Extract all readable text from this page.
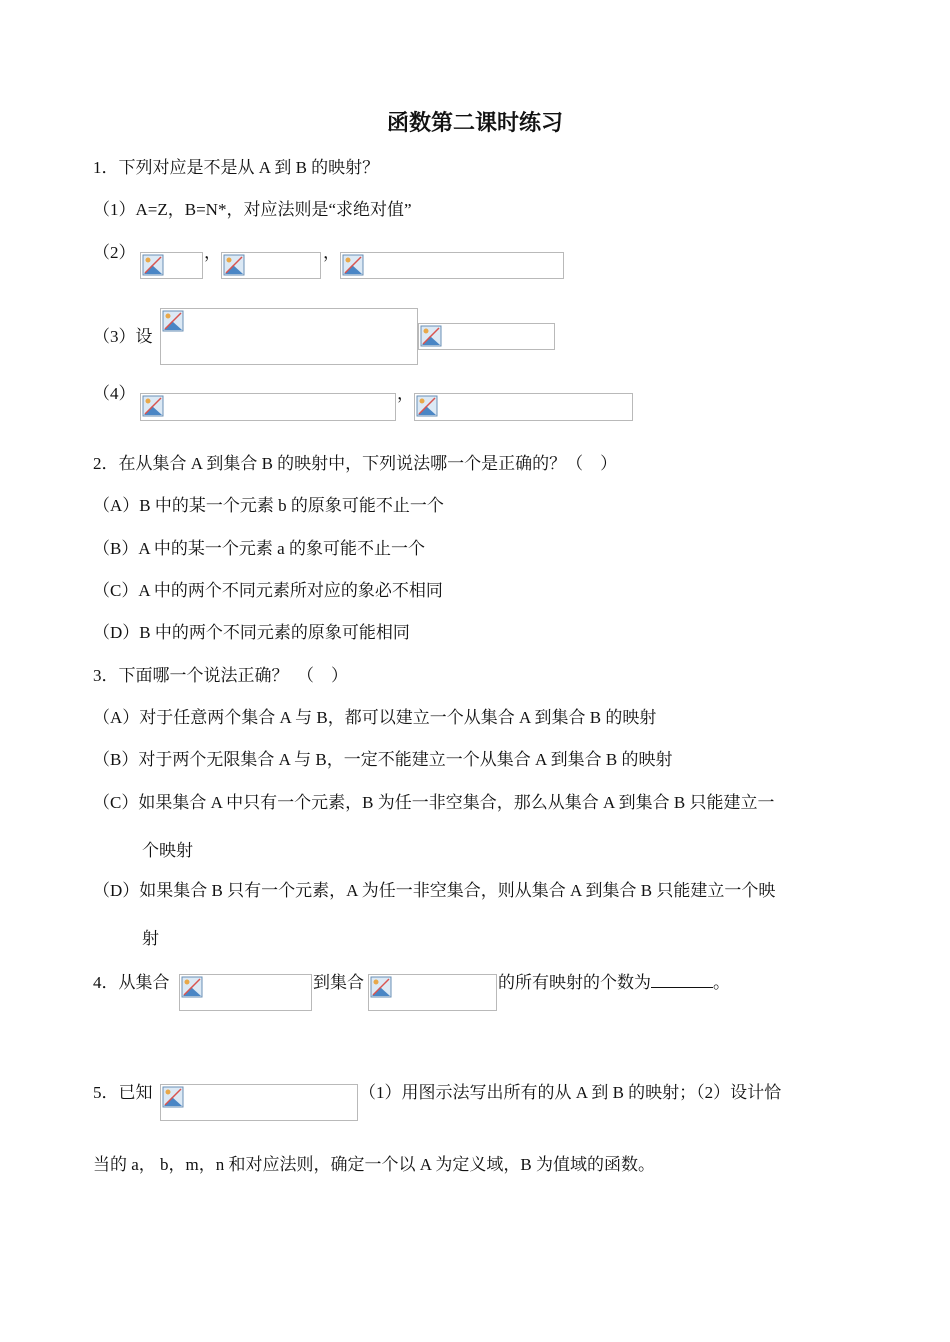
函数第二课时练习
1．下列对应是不是从 A 到 B 的映射？
（1）A=Z，B=N*，对应法则是“求绝对值”
（2）	，	，
（3）设
（4）	，
2．在从集合 A 到集合 B 的映射中，下列说法哪一个是正确的？（　）
（A）B 中的某一个元素 b 的原象可能不止一个
（B）A 中的某一个元素 a 的象可能不止一个
（C）A 中的两个不同元素所对应的象必不相同
（D）B 中的两个不同元素的原象可能相同
3．下面哪一个说法正确？　（　）
（A）对于任意两个集合 A 与 B，都可以建立一个从集合 A 到集合 B 的映射
（B）对于两个无限集合 A 与 B，一定不能建立一个从集合 A 到集合 B 的映射
（C）如果集合 A 中只有一个元素，B 为任一非空集合，那么从集合 A 到集合 B 只能建立一
个映射
（D）如果集合 B 只有一个元素，A 为任一非空集合，则从集合 A 到集合 B 只能建立一个映
射
4．从集合	到集合	的所有映射的个数为	。
5．已知	（1）用图示法写出所有的从 A 到 B 的映射；（2）设计恰
当的 a， b，m，n 和对应法则，确定一个以 A 为定义域，B 为值域的函数。
